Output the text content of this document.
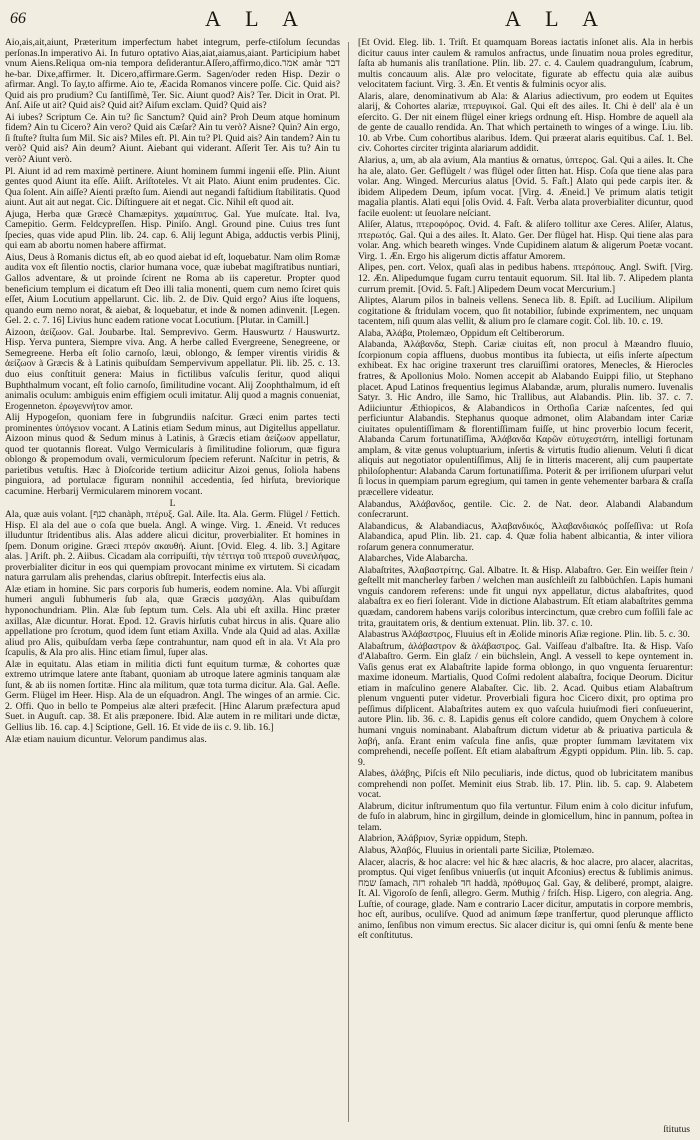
66	A L A	A L A

Aio,ais,ait,aiunt, Præteritum imperfectum habet integrum, perfe-ctiſolum ſecundas perſonas.In imperativo Ai. In futuro optativo Aias,aiat,aiamus,aiant. Participium habet vnum Aiens.Reliqua om-nia tempora deſiderantur.Aſſero,affirmo,dico.אמר amàr דבר he-bar. Dixe,affirmer. It. Dicero,affirmare.Germ. Sagen/oder reden Hisp. Dezir o afirmar. Angl. To ſay,to aſfirme. Aio te, Æacida Romanos vincere poſſe. Cic. Quid ais? Quid ais pro prudium? Cu ſantiſſimè, Ter. Sic. Aiunt quod? Ais? Ter. Dicit in Orat. Pl. Anſ. Aiſe ut ait? Quid ais? Quid ait? Aiſum exclam. Quid? Quid ais?

Ai iubes? Scriptum Ce. Ain tu? ſic Sanctum? Quid ain? Proh Deum atque hominum fidem? Ain tu Cicero? Ain vero? Quid ais Cæſar? Ain tu verò? Aisne? Quin? Ain ergo, ſi ſtuſte? ſtulta ſum Mil. Sic ais? Miles eſt. Pl. Ain tu? Pl. Quid ais? Ain tandem? Ain tu verò? Quid ais? Ain deum? Aiunt. Aiebant qui viderant. Aſſerit Ter. Ais tu? Ain tu verò? Aiunt verò.

Pl. Aiunt id ad rem maximè pertinere. Aiunt hominem ſummi ingenii eſſe. Plin. Aiunt gentes quod Aiunt ita eſſe. Aiiſt. Ariſtoteles. Vt ait Plato. Aiunt enim prudentes. Cic. Qua ſolent. Ain aiſſe? Aienti præſto ſum. Aiendi aut negandi faſtidium ſtabilitatis. Quod aiunt. Aut ait aut negat. Cic. Diſtinguere ait et negat. Cic. Nihil eſt quod ait.

Ajuga, Herba quæ Græcè Chamæpitys. χαμαίπιτυς. Gal. Yue muſcate. Ital. Iva, Camepitio. Germ. Feldcypreſſen. Hisp. Piniſo. Angl. Ground pine. Cuius tres ſunt ſpecies, quas vide apud Plin. lib. 24. cap. 6. Alij legunt Abiga, adductis verbis Plinij, qui eam ab abortu nomen habere affirmat.

Aius, Deus à Romanis dictus eſt, ab eo quod aiebat id eſt, loquebatur. Nam olim Romæ audita vox eſt ſilentio noctis, clarior humana voce, quæ iubebat magiſtratibus nuntiari, Gallos adventare, & ut proinde ſcirent ne Roma ab iis caperetur. Propter quod beneficium templum ei dicatum eſt Deo illi talia monenti, quem cum nemo ſciret quis eſſet, Aium Locutium appellarunt. Cic. lib. 2. de Div. Quid ergo? Aius iſte loquens, quando eum nemo norat, & aiebat, & loquebatur, et inde & nomen adinvenit. [Legen. Gel. 2. c. 7. 16] Livius hunc eadem ratione vocat Locutium. [Plutar. in Camill.]

Aizoon, ἀείζωον. Gal. Joubarbe. Ital. Semprevivo. Germ. Hauswurtz / Hauswurtz. Hisp. Yerva puntera, Siempre viva. Ang. A herbe called Evergreene, Senegreene, or Semegreene. Herba eſt ſolio carnoſo, læui, oblongo, & ſemper virentis viridis & ἀείζωον à Græcis & à Latinis quibuſdam Sempervivum appellatur. Pli. lib. 25. c. 13. duo eius conſtituit genera: Maius in fictilibus vaſculis ſeritur, quod aliqui Buphthalmum vocant, eſt folio carnoſo, ſimilitudine vocant. Alij Zoophthalmum, id eſt animalis oculum: ambiguis enim effigiem oculi imitatur. Alij quod a magnis conueniat, Erogenneton. ἐρωγεννήτον amor.

Alij Hypogeſon, quoniam fere in ſubgrundiis naſcitur. Græci enim partes tecti prominentes ὑπόγειον vocant. A Latinis etiam Sedum minus, aut Digitellus appellatur. Aizoon minus quod & Sedum minus à Latinis, à Græcis etiam ἀείζωον appellatur, quod ter quotannis floreat. Vulgo Vermicularis à ſimilitudine foliorum, quæ figura oblongo & propemodum ovali, vermiculorum ſpeciem referunt. Naſcitur in petris, & parietibus vetuſtis. Hæc à Dioſcoride tertium adiicitur Aizoi genus, ſoliola habens pinguiora, ad portulacæ figuram nonnihil accedentia, ſed hirſuta, breviorique cacumine. Herbarij Vermicularem minorem vocant.

L

Ala, quæ auis volant. [כנף chanàph, πτέρυξ. Gal. Aile. Ita. Ala. Germ. Flügel / Fettich. Hisp. El ala del aue o coſa que buela. Angl. A winge. Virg. 1. Æneid. Vt reduces illuduntur ſtridentibus alis. Alas addere alicui dicitur, proverbialiter. Et homines in ſpem. Donum origine. Græci πτερόν ακαυθή. Aiunt. [Ovid. Eleg. 4. lib. 3.] Agitare alas. ] Ariſt. ph. 2. Aiibus. Cicadam ala corripuiſti, τὴν τέττιγα τοῦ πτεροῦ συνειλήφας, proverbialiter dicitur in eos qui quempiam provocant minime ex virtutem. Si cicadam natura garrulam alis prehendas, clarius obſtrepit. Interfectis eius ala.

Alæ etiam in homine. Sic pars corporis ſub humeris, eodem nomine. Ala. Vbi aſſurgit humeri anguli ſubhumeris ſub ala, quæ Græcis μασχάλη. Alas quibuſdam hyponochundriam. Plin. Alæ ſub ſeptum tum. Cels. Ala ubi eſt axilla. Hinc præter axillas, Alæ dicuntur. Horat. Epod. 12. Gravis hirſutis cubat hircus in alis. Quare alio appellatione pro ſcrotum, quod idem ſunt etiam Axilla. Vnde ala Quid ad alas. Axillæ aliud pro Alis, quibuſdam verba ſæpe contrahuntur, nam quod eſt in ala. Vt Ala pro ſcapulis, & Ala pro alis. Hinc etiam ſimul, ſuper alas.

Alæ in equitatu. Alas etiam in militia dicti funt equitum turmæ, & cohortes quæ extremo utrimque latere ante ſtabant, quoniam ab utroque latere agminis tanquam alæ ſunt, & ab iis nomen ſortitæ. Hinc ala militum, quæ tota turma dicitur. Ala. Gal. Aeſle. Germ. Flügel im Heer. Hisp. Ala de un eſquadron. Angl. The winges of an armie. Cic. 2. Offi. Quo in bello te Pompeius alæ alteri præfecit. [Hinc Alarum præfectura apud Suet. in Auguſt. cap. 38. Et alis præponere. Ibid. Alæ autem in re militari unde dictæ, Gellius lib. 16. cap. 4.] Sciptione, Gell. 16. Et vide de iis c. 9. lib. 16.]

Alæ etiam nauium dicuntur. Velorum pandimus alas.

[Et Ovid. Eleg. lib. 1. Triſt. Et quamquam Boreas iactatis inſonet alis. Ala in herbis dicitur cauus inter caulem & ramulos anfractus, unde ſinuatim noua proles egreditur, ſaſta ab humanis alis tranſlatione. Plin. lib. 27. c. 4. Caulem quadrangulum, ſcabrum, multis concauum alis. Alæ pro velocitate, figurate ab effectu quia alæ auibus velocitatem faciunt. Virg. 3. Æn. Et ventis & fulminis ocyor alis.

Alaris, alare, denominativum ab Ala: & Alarius adiectivum, pro eodem ut Equites alarij, & Cohortes alariæ, πτερυγικοί. Gal. Qui eſt des ailes. It. Chi è dell' ala è un eſercito. G. Der nit einem flügel einer kriegs ordnung eſt. Hisp. Hombre de aquell ala de gente de cauallo rendida. An. That which pertaineth to winges of a winge. Liu. lib. 10. ab Vrbe. Cum cohortibus alaribus. Idem. Qui præerat alaris equitibus. Caſ. 1. Bel. civ. Cohortes circiter triginta alariarum addidit.

Alarius, a, um, ab ala avium, Ala mantius & ornatus, ὑπτερος. Gal. Qui a ailes. It. Che ha ale, alato. Ger. Geflügelt / was flügel oder ſitten hat. Hisp. Coſa que tiene alas para volar. Ang. Winged. Mercurius alatus [Ovid. 5. Faſt.] Alato qui pede carpis iter. & ibidem Alipedem Deum, ipſum vocat. [Virg. 4. Æneid.] Ve primum alatis tetigit magalia plantis. Alati equi [olis Ovid. 4. Faſt. Verba alata proverbialiter dicuntur, quod facile euolent: ut ſeuolare neſciant.

Aliſer, Alatus, πτεροφόρος. Ovid. 4. Faſt. & aliſero tollitur axe Ceres. Aliſer, Alatus, πτερωτός. Gal. Qui a des ailes. It. Alato. Ger. Der flügel hat. Hisp. Qui tiene alas para volar. Ang. which beareth winges. Vnde Cupidinem alatum & aligerum Poetæ vocant. Virg. 1. Æn. Ergo his aligerum dictis affatur Amorem.

Alipes, pen. cort. Velox, quaſi alas in pedibus habens. πτερόπους. Angl. Swift. [Virg. 12. Æn. Alipedumque fugam curru tentauit equorum. Sil. Ital lib. 7. Alipedem planta currum premit. [Ovid. 5. Faſt.] Alipedem Deum vocat Mercurium.]

Aliptes, Alarum pilos in balneis vellens. Seneca lib. 8. Epiſt. ad Lucilium. Alipilum cogitatione & ſtridulam vocem, quo ſit notabilior, ſubinde exprimentem, nec unquam tacentem, niſi quum alas vellit, & alium pro ſe clamare cogit. Col. lib. 10. c. 19.

Alaba, Ἀλάβα, Ptolemæo, Oppidum eſt Celtiberorum.

Alabanda, Ἀλάβανδα, Steph. Cariæ ciuitas eſt, non procul à Mæandro fluuio, ſcorpionum copia affluens, duobus montibus ita ſubiecta, ut eiſis inſerte aſpectum exhibeat. Ex hac origine traxerunt tres claruiſſimi oratores, Menecles, & Hierocles fratres, & Apollonius Molo. Nomen accepit ab Alabando Euippi filio, ut Stephano placet. Apud Latinos frequentius legimus Alabandæ, arum, pluralis numero. Iuvenalis Satyr. 3. Hic Andro, ille Samo, hic Trallibus, aut Alabandis. Plin. lib. 37. c. 7. Adiiciuntur Æthiopicos, & Alabandicos in Orthoſia Cariæ naſcentes, ſed qui perficiuntur Alabandis. Stephanus quoque admonet, olim Alabandam inter Cariæ ciuitates opulentiſſimam & florentiſſimam fuiſſe, ut hinc proverbio locum fecerit, Alabanda Carum fortunatiſſima, Ἀλάβανδα Καρῶν εὐτυχεστάτη, intelligi fortunam amplam, & vitæ genus voluptuarium, inſertis & virtutis ſtudio alienum. Veluti ſi dicat aliquis aut negotiator opulentiſſimus, Alij ſe in litteris macerent, alij cum paupertate philoſophentur: Alabanda Carum fortunatiſſima. Poterit & per irriſionem uſurpari velut ſi locus in quempiam parum egregium, qui tamen in gente vehementer barbara & craſſa præcellere videatur.

Alabandus, Ἀλάβανδος, gentile. Cic. 2. de Nat. deor. Alabandi Alabandum conſecrarunt.

Alabandicus, & Alabandiacus, Ἀλαβανδικός, Ἀλαβανδιακός poſſeſſiva: ut Roſa Alabandica, apud Plin. lib. 21. cap. 4. Quæ folia habent albicantia, & inter viliora roſarum genera connumeratur.

Alabarches, Vide Alabarcha.

Alabaſtrites, Ἀλαβαστρίτης. Gal. Albatre. It. & Hisp. Alabaſtro. Ger. Ein weiſſer ſtein / geſtellt mit mancherley farben / welchen man ausſchleiſt zu ſalbbüchſen. Lapis humani vnguis candorem referens: unde fit ungui nyx appellatur, dictus alabaſtrites, quod alabaſtra ex eo fieri ſolerant. Vide in dictione Alabastrum. Eſt etiam alabaſtrites gemma quædam, candorem habens varijs coloribus intercinctum, quæ crebro cum foſſili fale ac trita, grauitatem oris, & dentium extenuat. Plin. lib. 37. c. 10.

Alabastrus Ἀλάβαστρος, Fluuius eſt in Æolide minoris Aſiæ regione. Plin. lib. 5. c. 30.

Alabaſtrum, ἀλάβαστρον & ἀλάβαστρος. Gal. Vaiſſeau d'albaſtre. Ita. & Hisp. Vaſo d'Alabaſtro. Germ. Ein glaſz / ein büchslein, Angl. A vessell to kepe oyntement in. Vaſis genus erat ex Alabaſtrite lapide forma oblongo, in quo vnguenta ſeruarentur: maxime idoneum. Martialis, Quod Coſmi redolent alabaſtra, focique Deorum. Dicitur etiam in maſculino genere Alabaſter. Cic. lib. 2. Acad. Quibus etiam Alabaſtrum plenum vnguenti puter videtur. Proverbiali figura hoc Cicero dixit, pro optima pro peſſimus diſplicent. Alabaſtrites autem ex quo vaſcula huiuſmodi fieri conſueuerint, autore Plin. lib. 36. c. 8. Lapidis genus eſt colore candido, quem Onychem à colore humani vnguis nominabant. Alabaſtrum dictum videtur ab & priuativa particula & λαβή, anſa. Erant enim vaſcula fine anſis, quæ propter ſummam lævitatem vix comprehendi, neceſſe poſſent. Eſt etiam alabaſtrum Ægypti oppidum. Plin. lib. 5. cap. 9.

Alabes, ἀλάβης, Piſcis eſt Nilo peculiaris, inde dictus, quod ob lubricitatem manibus comprehendi non poſſet. Meminit eius Strab. lib. 17. Plin. lib. 5. cap. 9. Alabetem vocat.

Alabrum, dicitur inſtrumentum quo fila vertuntur. Filum enim à colo dicitur infufum, de fuſo in alabrum, hinc in girgillum, deinde in glomicellum, hinc in pannum, poſtea in telam.

Alabrion, Ἀλάβριον, Syriæ oppidum, Steph.

Alabus, Ἀλαβός, Fluuius in orientali parte Siciliæ, Ptolemæo.

Alacer, alacris, & hoc alacre: vel hic & hæc alacris, & hoc alacre, pro alacer, alacritas, promptus. Qui viget ſenſibus vniuerſis (ut inquit Afconius) erectus & ſublimis animus. שמח ſamach, רזה rohaleb חד haddà, πρόθυμος Gal. Gay, & deliberé, prompt, alaigre. It. Al. Vigoroſo de ſenſi, allegro. Germ. Muthig / friſch. Hisp. Ligero, con alegria. Ang. Luſtie, of courage, glade. Nam e contrario Lacer dicitur, amputatis in corpore membris, hoc eſt, auribus, oculiſve. Quod ad animum ſæpe tranſfertur, quod plerunque afflicto animo, ſenſibus non vimum erectus. Sic alacer dicitur is, qui omni ſenſu & mente bene eſt conſtitutus.

ſtitutus
